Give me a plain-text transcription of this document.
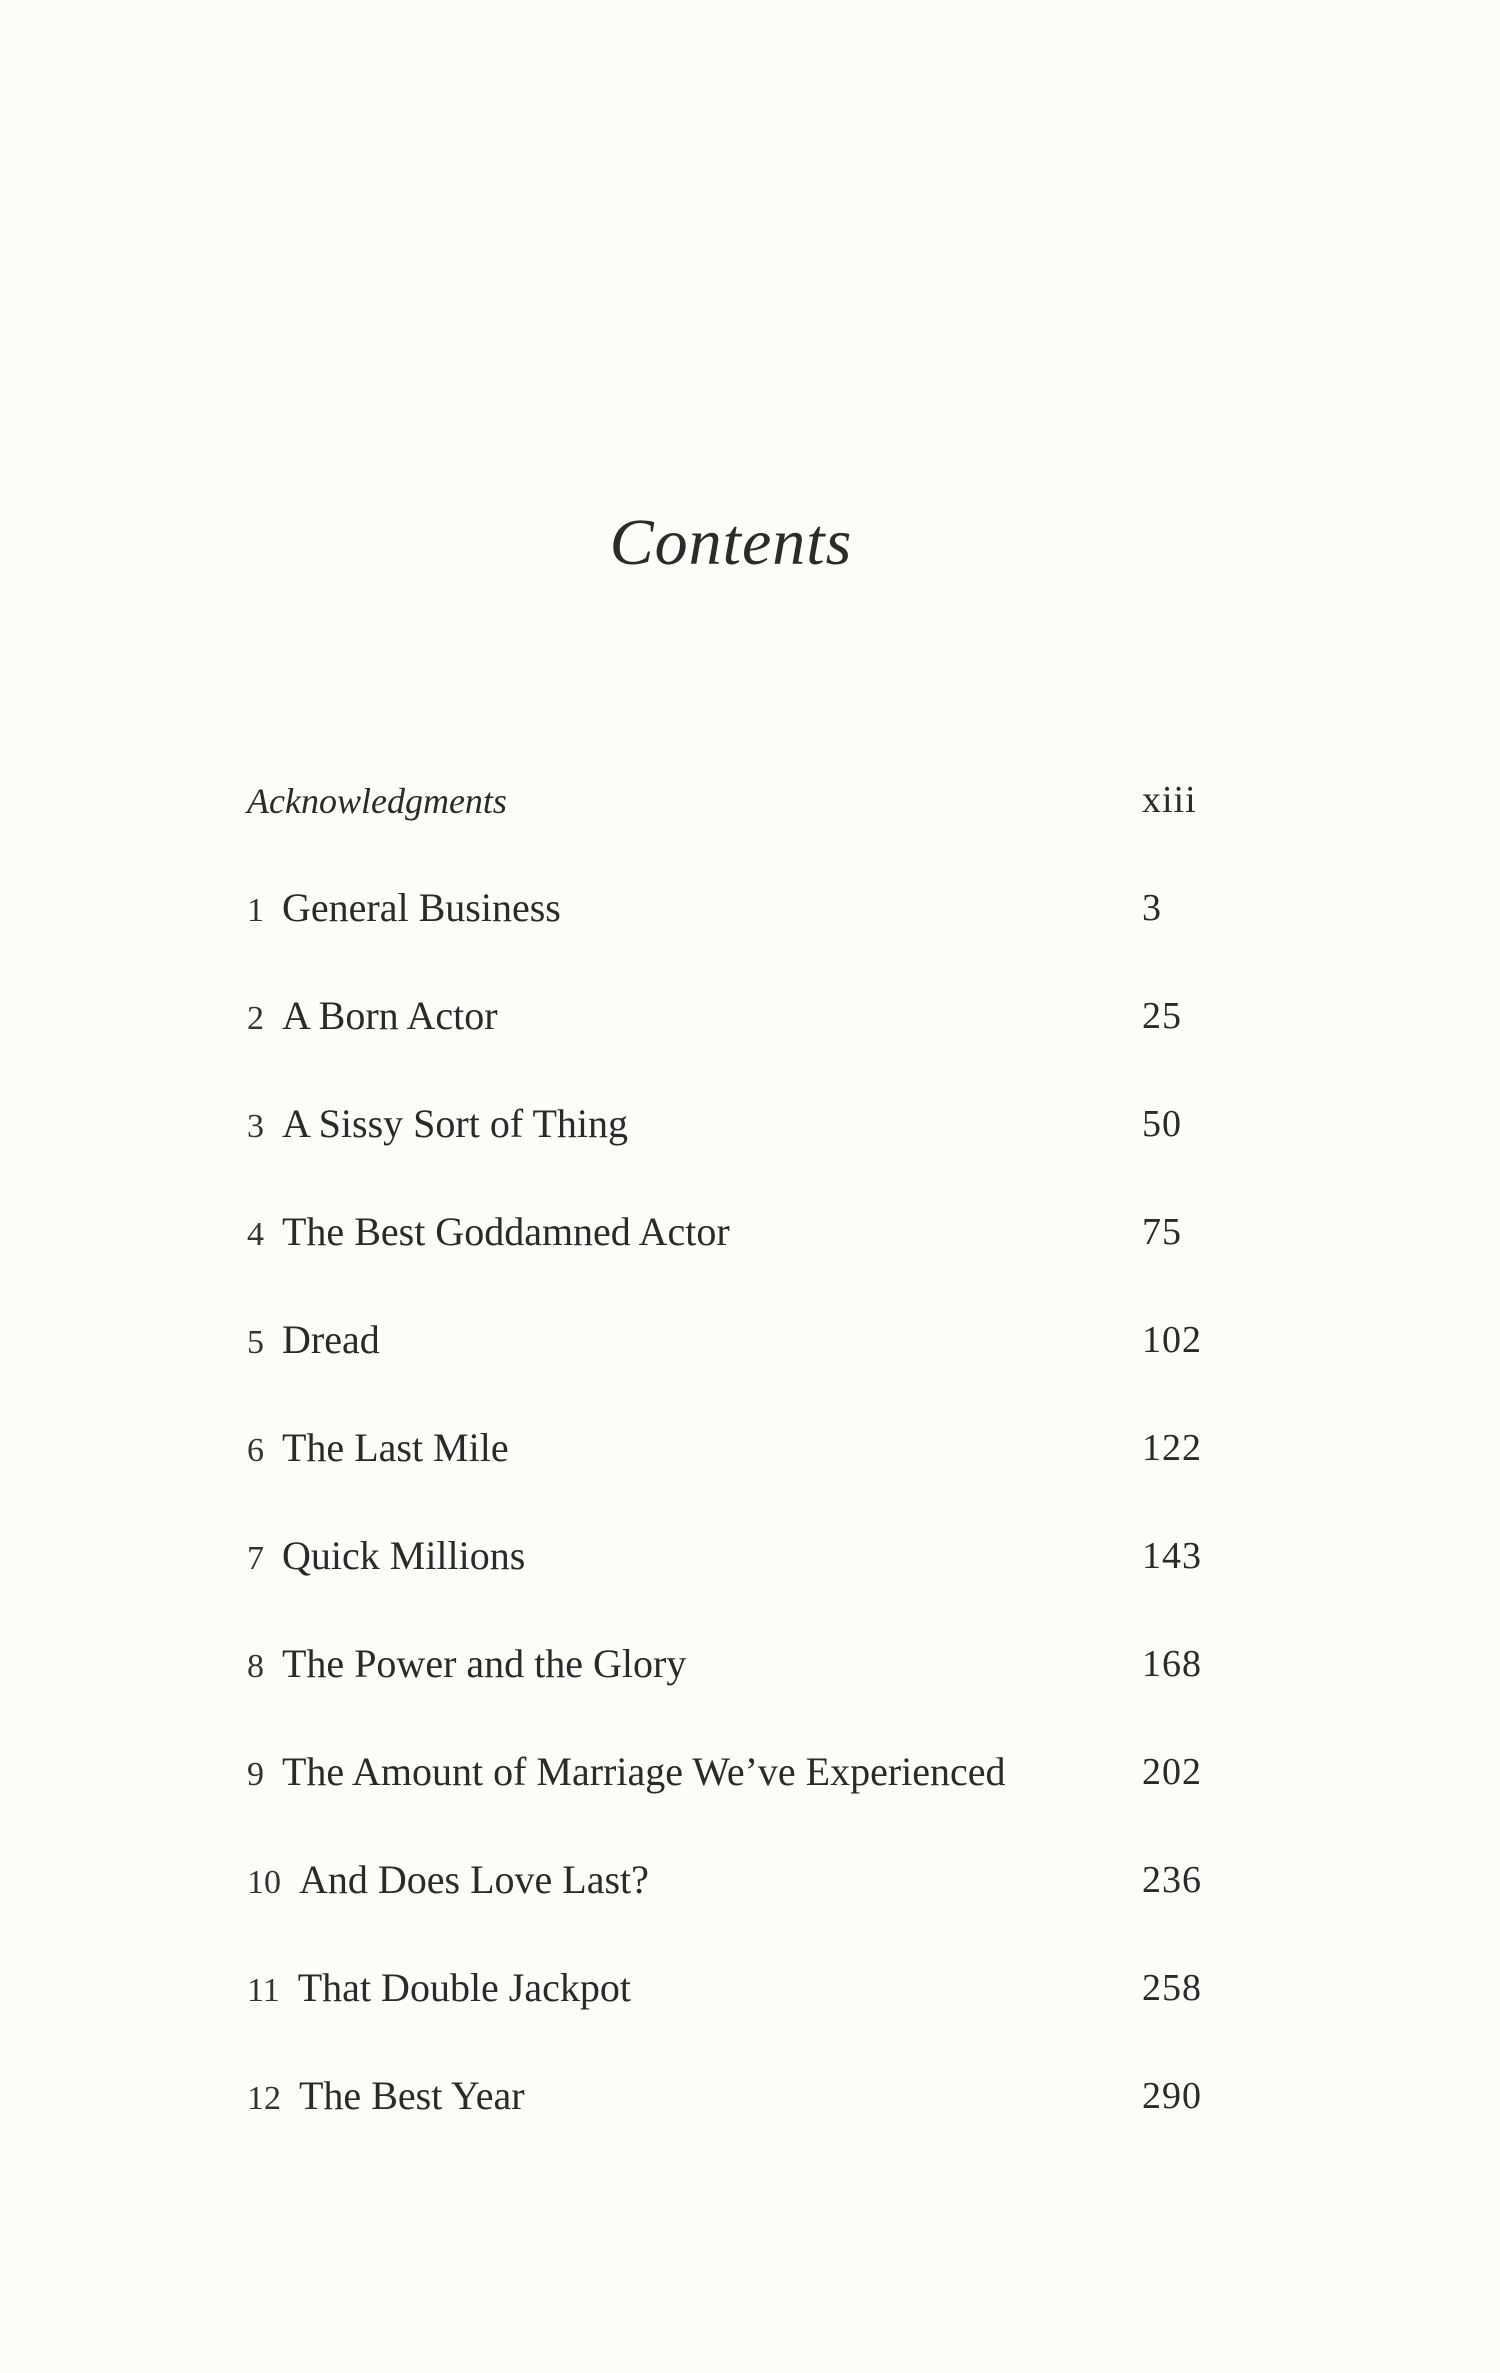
Contents
Acknowledgments	xiii
1 General Business	3
2 A Born Actor	25
3 A Sissy Sort of Thing	50
4 The Best Goddamned Actor	75
5 Dread	102
6 The Last Mile	122
7 Quick Millions	143
8 The Power and the Glory	168
9 The Amount of Marriage We’ve Experienced	202
10 And Does Love Last?	236
11 That Double Jackpot	258
12 The Best Year	290
